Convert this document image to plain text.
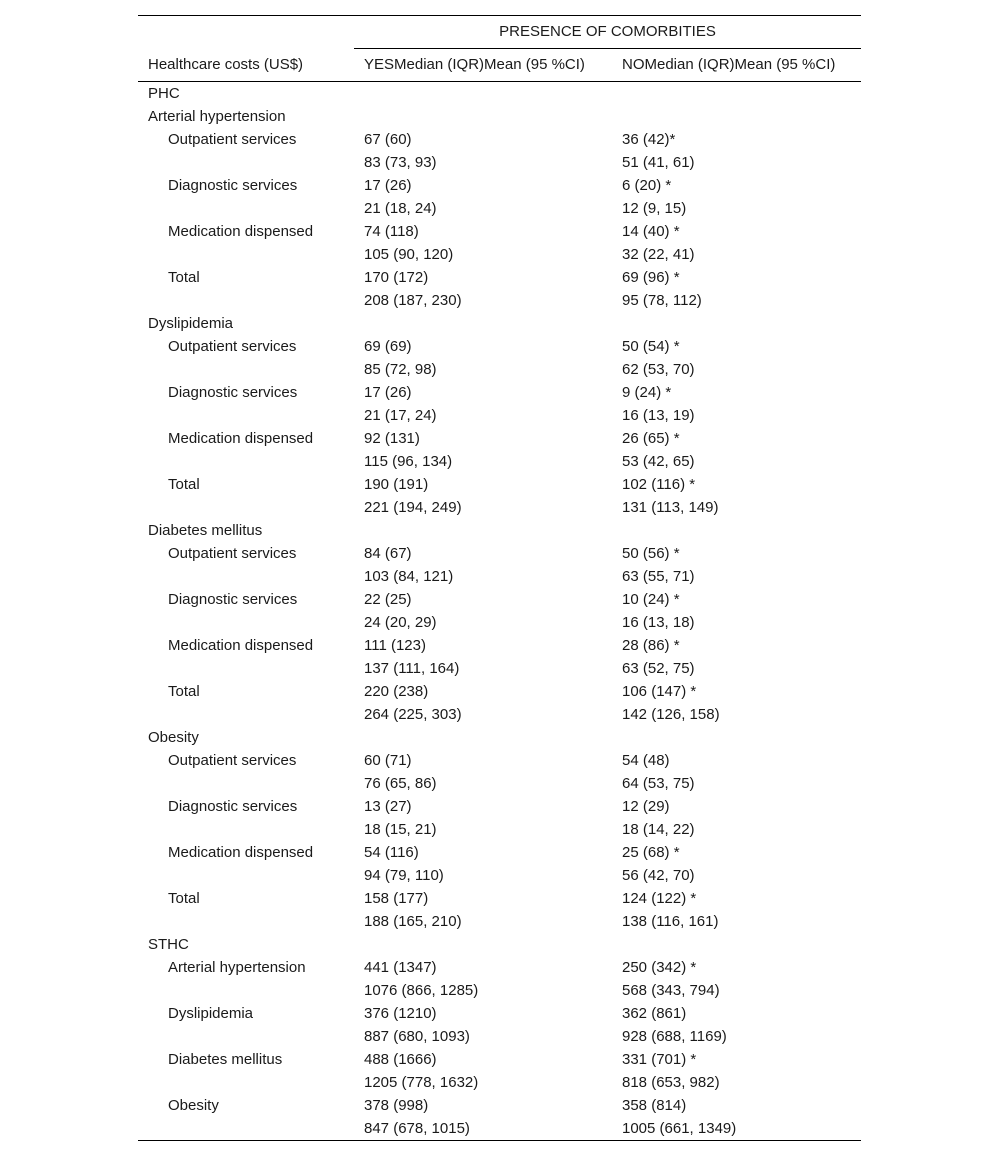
	PRESENCE OF COMORBITIES	
Healthcare costs (US$)	YESMedian (IQR)Mean (95 %CI)	NOMedian (IQR)Mean (95 %CI)
PHC		
Arterial hypertension		
Outpatient services	67 (60)	36 (42)*
	83 (73, 93)	51 (41, 61)
Diagnostic services	17 (26)	6 (20) *
	21 (18, 24)	12 (9, 15)
Medication dispensed	74 (118)	14 (40) *
	105 (90, 120)	32 (22, 41)
Total	170 (172)	69 (96) *
	208 (187, 230)	95 (78, 112)
Dyslipidemia		
Outpatient services	69 (69)	50 (54) *
	85 (72, 98)	62 (53, 70)
Diagnostic services	17 (26)	9 (24) *
	21 (17, 24)	16 (13, 19)
Medication dispensed	92 (131)	26 (65) *
	115 (96, 134)	53 (42, 65)
Total	190 (191)	102 (116) *
	221 (194, 249)	131 (113, 149)
Diabetes mellitus		
Outpatient services	84 (67)	50 (56) *
	103 (84, 121)	63 (55, 71)
Diagnostic services	22 (25)	10 (24) *
	24 (20, 29)	16 (13, 18)
Medication dispensed	111 (123)	28 (86) *
	137 (111, 164)	63 (52, 75)
Total	220 (238)	106 (147) *
	264 (225, 303)	142 (126, 158)
Obesity		
Outpatient services	60 (71)	54 (48)
	76 (65, 86)	64 (53, 75)
Diagnostic services	13 (27)	12 (29)
	18 (15, 21)	18 (14, 22)
Medication dispensed	54 (116)	25 (68) *
	94 (79, 110)	56 (42, 70)
Total	158 (177)	124 (122) *
	188 (165, 210)	138 (116, 161)
STHC		
Arterial hypertension	441 (1347)	250 (342) *
	1076 (866, 1285)	568 (343, 794)
Dyslipidemia	376 (1210)	362 (861)
	887 (680, 1093)	928 (688, 1169)
Diabetes mellitus	488 (1666)	331 (701) *
	1205 (778, 1632)	818 (653, 982)
Obesity	378 (998)	358 (814)
	847 (678, 1015)	1005 (661, 1349)
